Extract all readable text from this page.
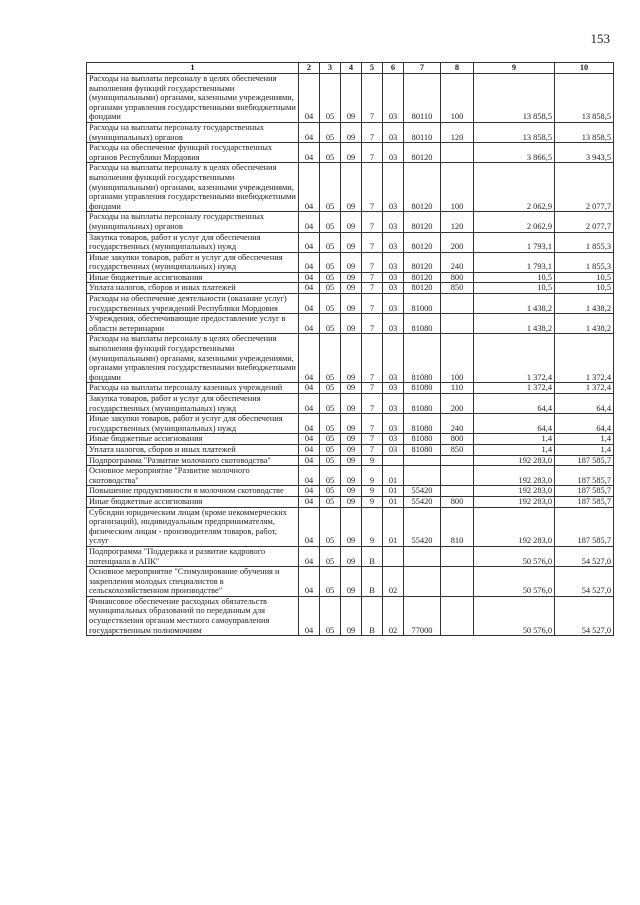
153
1	2	3	4	5	6	7	8	9	10
Расходы на выплаты персоналу в целях обеспечения выполнения функций государственными (муниципальными) органами, казенными учреждениями, органами управления государственными внебюджетными фондами	04	05	09	7	03	80110	100	13 858,5	13 858,5
Расходы на выплаты персоналу государственных (муниципальных) органов	04	05	09	7	03	80110	120	13 858,5	13 858,5
Расходы на обеспечение функций государственных органов Республики Мордовия	04	05	09	7	03	80120		3 866,5	3 943,5
Расходы на выплаты персоналу в целях обеспечения выполнения функций государственными (муниципальными) органами, казенными учреждениями, органами управления государственными внебюджетными фондами	04	05	09	7	03	80120	100	2 062,9	2 077,7
Расходы на выплаты персоналу государственных (муниципальных) органов	04	05	09	7	03	80120	120	2 062,9	2 077,7
Закупка товаров, работ и услуг для обеспечения государственных (муниципальных) нужд	04	05	09	7	03	80120	200	1 793,1	1 855,3
Иные закупки товаров, работ и услуг для обеспечения государственных (муниципальных) нужд	04	05	09	7	03	80120	240	1 793,1	1 855,3
Иные бюджетные ассигнования	04	05	09	7	03	80120	800	10,5	10,5
Уплата налогов, сборов и иных платежей	04	05	09	7	03	80120	850	10,5	10,5
Расходы на обеспечение деятельности (оказание услуг) государственных учреждений Республики Мордовия	04	05	09	7	03	81000		1 438,2	1 438,2
Учреждения, обеспечивающие предоставление услуг в области ветеринарии	04	05	09	7	03	81080		1 438,2	1 438,2
Расходы на выплаты персоналу в целях обеспечения выполнения функций государственными (муниципальными) органами, казенными учреждениями, органами управления государственными внебюджетными фондами	04	05	09	7	03	81080	100	1 372,4	1 372,4
Расходы на выплаты персоналу казенных учреждений	04	05	09	7	03	81080	110	1 372,4	1 372,4
Закупка товаров, работ и услуг для обеспечения государственных (муниципальных) нужд	04	05	09	7	03	81080	200	64,4	64,4
Иные закупки товаров, работ и услуг для обеспечения государственных (муниципальных) нужд	04	05	09	7	03	81080	240	64,4	64,4
Иные бюджетные ассигнования	04	05	09	7	03	81080	800	1,4	1,4
Уплата налогов, сборов и иных платежей	04	05	09	7	03	81080	850	1,4	1,4
Подпрограмма "Развитие молочного скотоводства"	04	05	09	9				192 283,0	187 585,7
Основное мероприятие "Развитие молочного скотоводства"	04	05	09	9	01			192 283,0	187 585,7
Повышение продуктивности в молочном скотоводстве	04	05	09	9	01	55420		192 283,0	187 585,7
Иные бюджетные ассигнования	04	05	09	9	01	55420	800	192 283,0	187 585,7
Субсидии юридическим лицам (кроме некоммерческих организаций), индивидуальным предпринимателям, физическим лицам - производителям товаров, работ, услуг	04	05	09	9	01	55420	810	192 283,0	187 585,7
Подпрограмма "Поддержка и развитие кадрового потенциала в АПК"	04	05	09	В				50 576,0	54 527,0
Основное мероприятие "Стимулирование обучения и закрепления молодых специалистов в сельскохозяйственном производстве"	04	05	09	В	02			50 576,0	54 527,0
Финансовое обеспечение расходных обязательств муниципальных образований по переданным для осуществления органам местного самоуправления государственным полномочиям	04	05	09	В	02	77000		50 576,0	54 527,0
